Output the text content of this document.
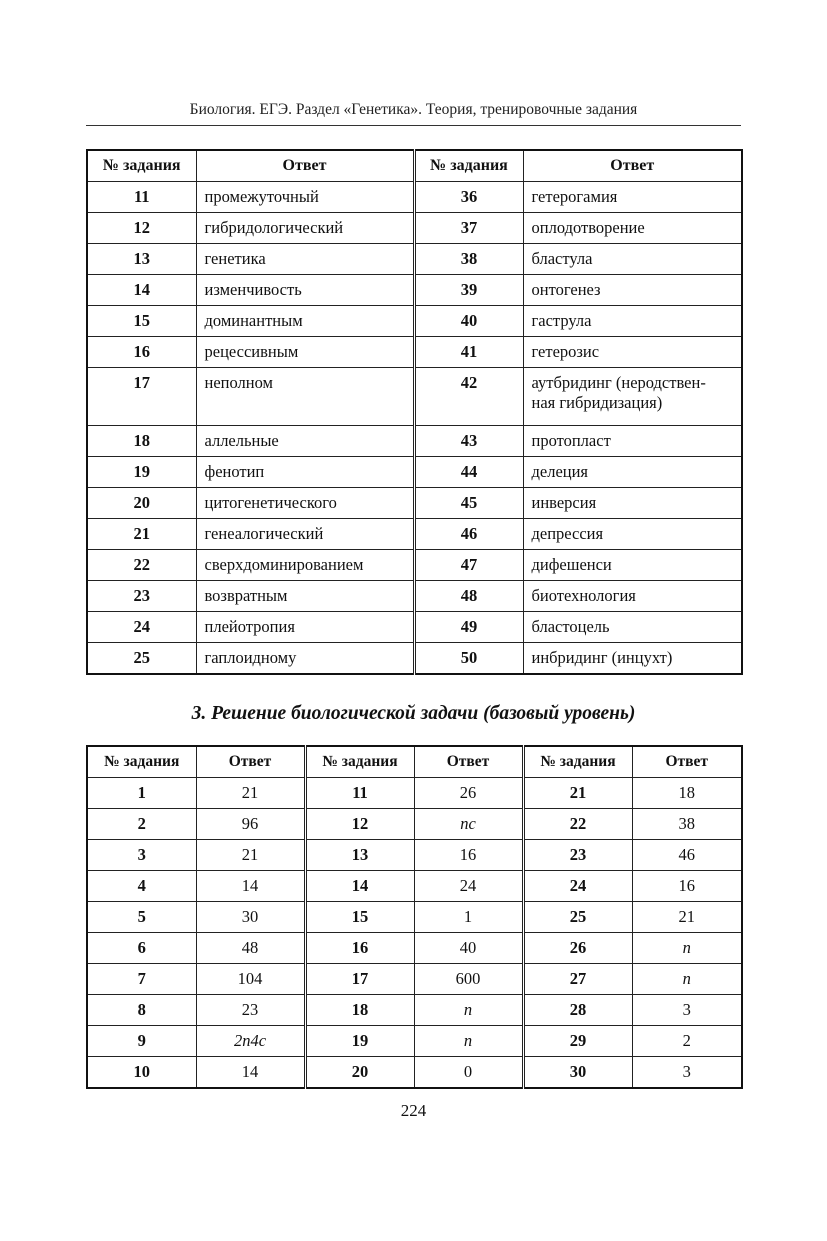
Биология. ЕГЭ. Раздел «Генетика». Теория, тренировочные задания
№ задания	Ответ	№ задания	Ответ
11	промежуточный	36	гетерогамия
12	гибридологический	37	оплодотворение
13	генетика	38	бластула
14	изменчивость	39	онтогенез
15	доминантным	40	гаструла
16	рецессивным	41	гетерозис
17	неполном	42	аутбридинг (неродствен-
ная гибридизация)

18	аллельные	43	протопласт
19	фенотип	44	делеция
20	цитогенетического	45	инверсия
21	генеалогический	46	депрессия
22	сверхдоминированием	47	дифешенси
23	возвратным	48	биотехнология
24	плейотропия	49	бластоцель
25	гаплоидному	50	инбридинг (инцухт)
3. Решение биологической задачи (базовый уровень)
№ задания	Ответ	№ задания	Ответ	№ задания	Ответ
1	21	11	26	21	18
2	96	12	пс	22	38
3	21	13	16	23	46
4	14	14	24	24	16
5	30	15	1	25	21
6	48	16	40	26	п
7	104	17	600	27	п
8	23	18	п	28	3
9	2п4с	19	п	29	2
10	14	20	0	30	3
224
